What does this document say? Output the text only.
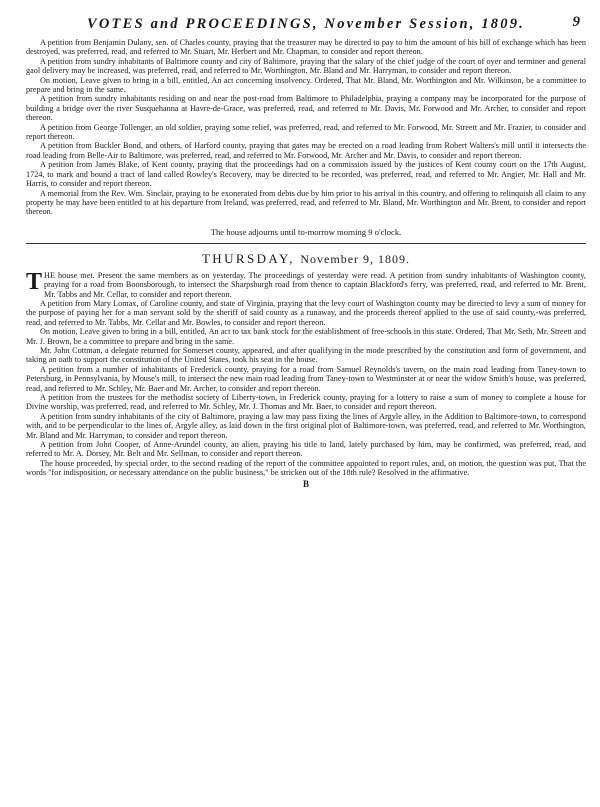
VOTES and PROCEEDINGS, November Session, 1809.	9

A petition from Benjamin Dulany, sen. of Charles county, praying that the treasurer may be directed to pay to him the amount of his bill of exchange which has been destroyed, was preferred, read, and referred to Mr. Stuart, Mr. Herbert and Mr. Chapman, to consider and report thereon.

A petition from sundry inhabitants of Baltimore county and city of Baltimore, praying that the salary of the chief judge of the court of oyer and terminer and general gaol delivery may be increased, was preferred, read, and referred to Mr. Worthington, Mr. Bland and Mr. Harryman, to consider and report thereon.

On motion, Leave given to bring in a bill, entitled, An act concerning insolvency. Ordered, That Mr. Bland, Mr. Worthington and Mr. Wilkinson, be a committee to prepare and bring in the same.

A petition from sundry inhabitants residing on and near the post-road from Baltimore to Philadelphia, praying a company may be incorporated for the purpose of building a bridge over the river Susquehanna at Havre-de-Grace, was preferred, read, and referred to Mr. Davis, Mr. Forwood and Mr. Archer, to consider and report thereon.

A petition from George Tollenger, an old soldier, praying some relief, was preferred, read, and referred to Mr. Forwood, Mr. Streett and Mr. Frazier, to consider and report thereon.

A petition from Buckler Bond, and others, of Harford county, praying that gates may be erected on a road leading from Robert Walters's mill until it intersects the road leading from Belle-Air to Baltimore, was preferred, read, and referred to Mr. Forwood, Mr. Archer and Mr. Davis, to consider and report thereon.

A petition from James Blake, of Kent county, praying that the proceedings had on a commission issued by the justices of Kent county court on the 17th August, 1724, to mark and bound a tract of land called Rowley's Recovery, may be directed to be recorded, was preferred, read, and referred to Mr. Angier, Mr. Hall and Mr. Harris, to consider and report thereon.

A memorial from the Rev. Wm. Sinclair, praying to be exonerated from debts due by him prior to his arrival in this country, and offering to relinquish all claim to any property he may have been entitled to at his departure from Ireland, was preferred, read, and referred to Mr. Bland, Mr. Worthington and Mr. Brent, to consider and report thereon.

The house adjourns until to-morrow morning 9 o'clock.
THURSDAY, November 9, 1809.

THE house met. Present the same members as on yesterday. The proceedings of yesterday were read. A petition from sundry inhabitants of Washington county, praying for a road from Boonsborough, to intersect the Sharpsburgh road from thence to captain Blackford's ferry, was preferred, read, and referred to Mr. Brent, Mr. Tabbs and Mr. Cellar, to consider and report thereon.

A petition from Mary Lomax, of Caroline county, and state of Virginia, praying that the levy court of Washington county may be directed to levy a sum of money for the purpose of paying her for a man servant sold by the sheriff of said county as a runaway, and the proceeds thereof applied to the use of said county,-was preferred, read, and referred to Mr. Tabbs, Mr. Cellar and Mr. Bowles, to consider and report thereon.

On motion, Leave given to bring in a bill, entitled, An act to tax bank stock for the establishment of free-schools in this state. Ordered, That Mr. Seth, Mr. Streett and Mr. J. Brown, be a committee to prepare and bring in the same.

Mr. John Cottman, a delegate returned for Somerset county, appeared, and after qualifying in the mode prescribed by the constitution and form of government, and taking an oath to support the constitution of the United States, took his seat in the house.

A petition from a number of inhabitants of Frederick county, praying for a road from Samuel Reynolds's tavern, on the main road leading from Taney-town to Petersburg, in Pennsylvania, by Mouse's mill, to intersect the new main road leading from Taney-town to Westminster at or near the widow Smith's house, was preferred, read, and referred to Mr. Schley, Mr. Baer and Mr. Archer, to consider and report thereon.

A petition from the trustees for the methodist society of Liberty-town, in Frederick county, praying for a lottery to raise a sum of money to complete a house for Divine worship, was preferred, read, and referred to Mr. Schley, Mr. J. Thomas and Mr. Baer, to consider and report thereon.

A petition from sundry inhabitants of the city of Baltimore, praying a law may pass fixing the lines of Argyle alley, in the Addition to Baltimore-town, to correspond with, and to be perpendicular to the lines of, Argyle alley, as laid down in the first original plot of Baltimore-town, was preferred, read, and referred to Mr. Worthington, Mr. Bland and Mr. Harryman, to consider and report thereon.

A petition from John Cooper, of Anne-Arundel county, an alien, praying his title to land, lately purchased by him, may be confirmed, was preferred, read, and referred to Mr. A. Dorsey, Mr. Belt and Mr. Sellman, to consider and report thereon.

The house proceeded, by special order, to the second reading of the report of the committee appointed to report rules, and, on motion, the question was put, That the words "for indisposition, or necessary attendance on the public business," be stricken out of the 18th rule? Resolved in the affirmative.

B
